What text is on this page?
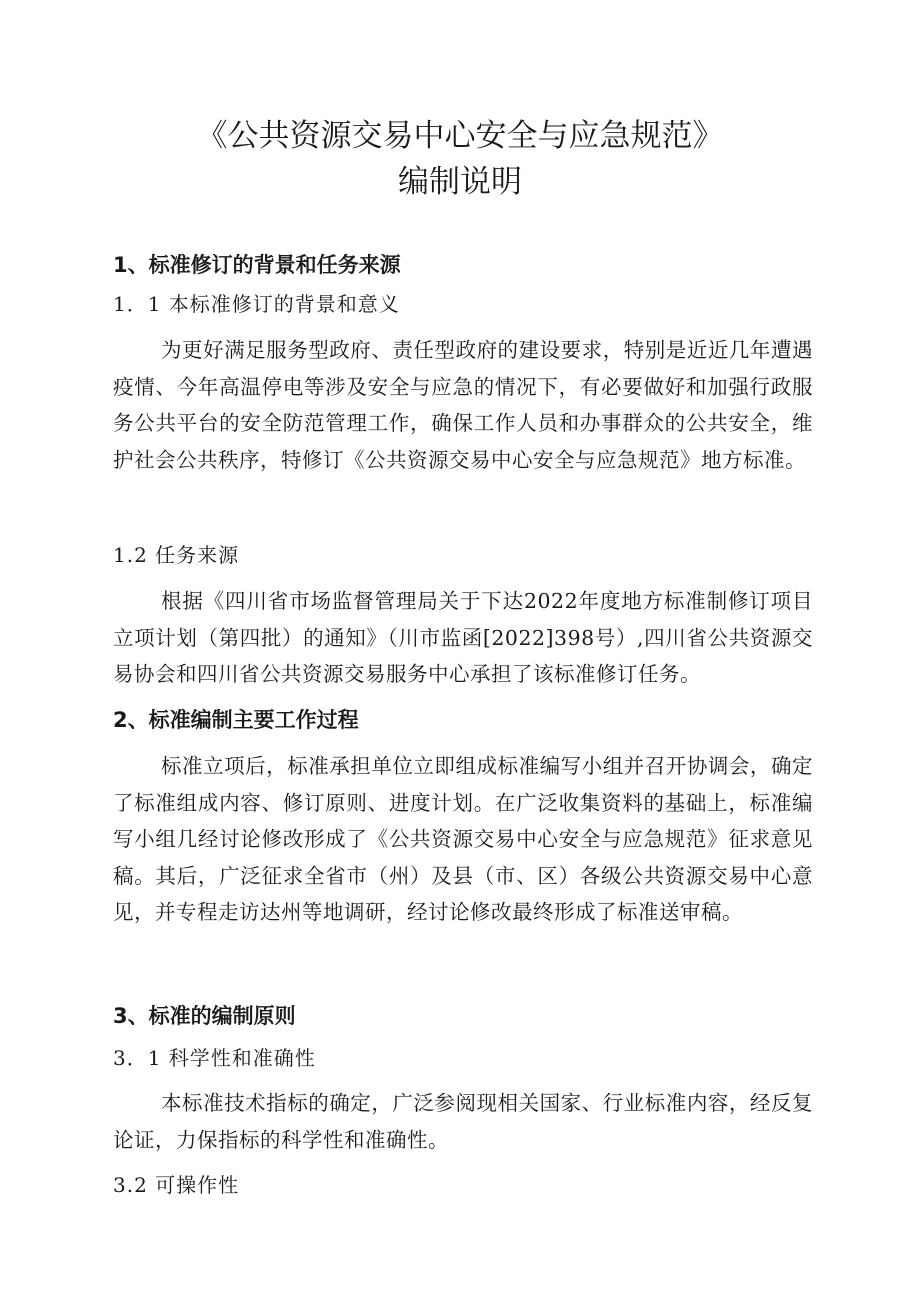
《公共资源交易中心安全与应急规范》
编制说明

1、标准修订的背景和任务来源

1．1 本标准修订的背景和意义

为更好满足服务型政府、责任型政府的建设要求，特别是近近几年遭遇疫情、今年高温停电等涉及安全与应急的情况下，有必要做好和加强行政服务公共平台的安全防范管理工作，确保工作人员和办事群众的公共安全，维护社会公共秩序，特修订《公共资源交易中心安全与应急规范》地方标准。

1.2 任务来源

根据《四川省市场监督管理局关于下达2022年度地方标准制修订项目立项计划（第四批）的通知》（川市监函[2022]398号）,四川省公共资源交易协会和四川省公共资源交易服务中心承担了该标准修订任务。

2、标准编制主要工作过程

标准立项后，标准承担单位立即组成标准编写小组并召开协调会，确定了标准组成内容、修订原则、进度计划。在广泛收集资料的基础上，标准编写小组几经讨论修改形成了《公共资源交易中心安全与应急规范》征求意见稿。其后，广泛征求全省市（州）及县（市、区）各级公共资源交易中心意见，并专程走访达州等地调研，经讨论修改最终形成了标准送审稿。

3、标准的编制原则

3．1 科学性和准确性

本标准技术指标的确定，广泛参阅现相关国家、行业标准内容，经反复论证，力保指标的科学性和准确性。

3.2 可操作性
